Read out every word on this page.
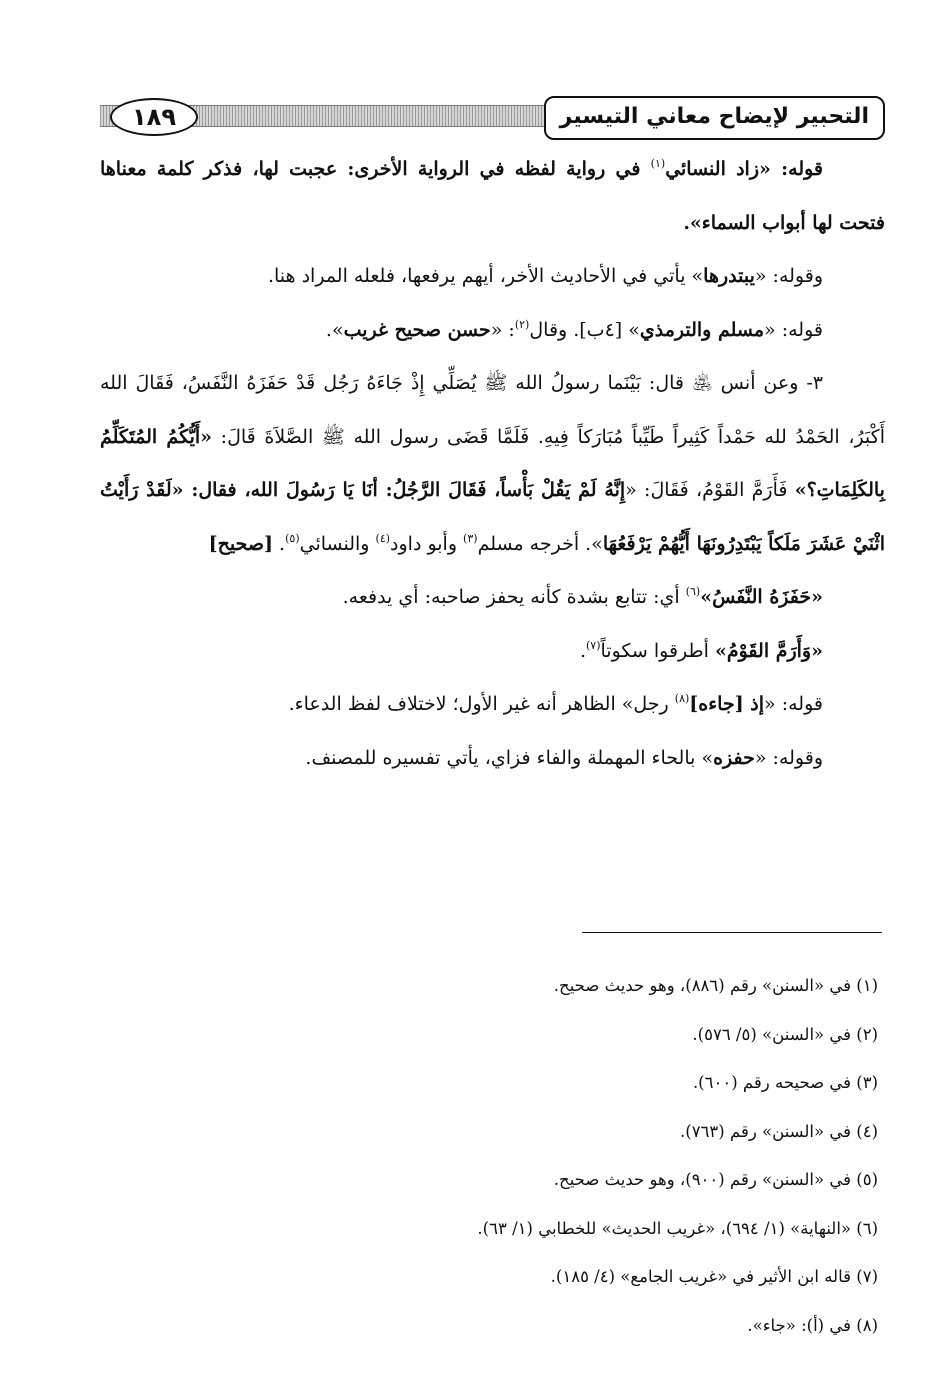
التحبير لإيضاح معاني التيسير
١٨٩

قوله: «زاد النسائي$^{(١)}$ في رواية لفظه في الرواية الأخرى: عجبت لها، فذكر كلمة معناها فتحت لها أبواب السماء».

وقوله: «يبتدرها» يأتي في الأحاديث الأخر، أيهم يرفعها، فلعله المراد هنا.

قوله: «مسلم والترمذي» [٤ب]. وقال$^{(٢)}$: «حسن صحيح غريب».

٣- وعن أنس ﵁ قال: بَيْنَما رسولُ الله ﷺ يُصَلِّي إِذْ جَاءَهُ رَجُل قَدْ حَفَزَهُ النَّفَسُ، فَقَالَ الله أَكْبَرُ، الحَمْدُ لله حَمْداً كَثِيراً طَيِّباً مُبَارَكاً فِيهِ. فَلَمَّا قَضَى رسول الله ﷺ الصَّلاَةَ قَالَ: «أَيُّكُمُ المُتَكَلِّمُ بِالكَلِمَاتِ؟» فَأَرَمَّ القَوْمُ، فَقَالَ: «إِنَّهُ لَمْ يَقُلْ بَأْساً، فَقَالَ الرَّجُلُ: أنَا يَا رَسُولَ الله، فقال: «لَقَدْ رَأَيْتُ اثْنَيْ عَشَرَ مَلَكاً يَبْتَدِرُونَهَا أَيُّهُمْ يَرْفَعُهَا». أخرجه مسلم$^{(٣)}$ وأبو داود$^{(٤)}$ والنسائي$^{(٥)}$. [صحيح]

«حَفَزَهُ النَّفَسُ»$^{(٦)}$ أي: تتابع بشدة كأنه يحفز صاحبه: أي يدفعه.

«وَأَرَمَّ القَوْمُ» أطرقوا سكوتاً$^{(٧)}$.

قوله: «إذ [جاءه]$^{(٨)}$ رجل» الظاهر أنه غير الأول؛ لاختلاف لفظ الدعاء.

وقوله: «حفزه» بالحاء المهملة والفاء فزاي، يأتي تفسيره للمصنف.

(١) في «السنن» رقم (٨٨٦)، وهو حديث صحيح.
(٢) في «السنن» (٥/ ٥٧٦).
(٣) في صحيحه رقم (٦٠٠).
(٤) في «السنن» رقم (٧٦٣).
(٥) في «السنن» رقم (٩٠٠)، وهو حديث صحيح.
(٦) «النهاية» (١/ ٦٩٤)، «غريب الحديث» للخطابي (١/ ٦٣).
(٧) قاله ابن الأثير في «غريب الجامع» (٤/ ١٨٥).
(٨) في (أ): «جاء».
